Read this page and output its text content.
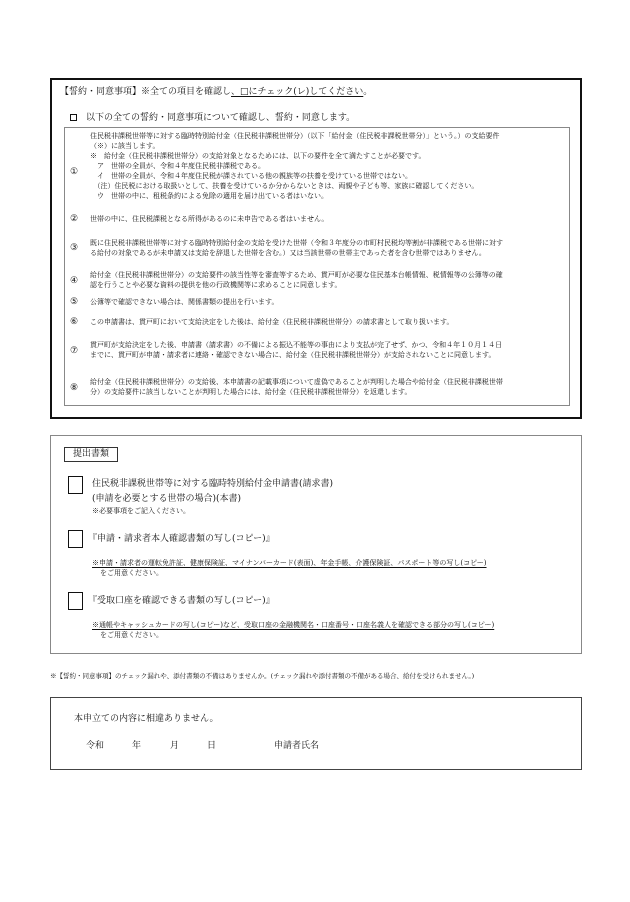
【誓約・同意事項】※全ての項目を確認し、□にチェック(レ)してください。
以下の全ての誓約・同意事項について確認し、誓約・同意します。
①
住民税非課税世帯等に対する臨時特別給付金（住民税非課税世帯分）（以下「給付金（住民税非課税世帯分）」という。）の支給要件
（※）に該当します。
※　給付金（住民税非課税世帯分）の支給対象となるためには、以下の要件を全て満たすことが必要です。
　ア　世帯の全員が、令和４年度住民税非課税である。
　イ　世帯の全員が、令和４年度住民税が課されている他の親族等の扶養を受けている世帯ではない。
　（注）住民税における取扱いとして、扶養を受けているか分からないときは、両親や子ども等、家族に確認してください。
　ウ　世帯の中に、租税条約による免除の適用を届け出ている者はいない。
② 世帯の中に、住民税課税となる所得があるのに未申告である者はいません。
③ 既に住民税非課税世帯等に対する臨時特別給付金の支給を受けた世帯（令和３年度分の市町村民税均等割が非課税である世帯に対す
る給付の対象であるが未申請又は支給を辞退した世帯を含む。）又は当該世帯の世帯主であった者を含む世帯ではありません。
④
給付金（住民税非課税世帯分）の支給要件の該当性等を審査等するため、貫戸町が必要な住民基本台帳情報、税情報等の公簿等の確
認を行うことや必要な資料の提供を他の行政機関等に求めることに同意します。
⑤ 公簿等で確認できない場合は、関係書類の提出を行います。
⑥ この申請書は、貫戸町において支給決定をした後は、給付金（住民税非課税世帯分）の請求書として取り扱います。
⑦
貫戸町が支給決定をした後、申請書（請求書）の不備による振込不能等の事由により支払が完了せず、かつ、令和４年１０月１４日
までに、貫戸町が申請・請求者に連絡・確認できない場合に、給付金（住民税非課税世帯分）が支給されないことに同意します。
⑧
給付金（住民税非課税世帯分）の支給後、本申請書の記載事項について虚偽であることが判明した場合や給付金（住民税非課税世帯
分）の支給要件に該当しないことが判明した場合には、給付金（住民税非課税世帯分）を返還します。
提出書類
住民税非課税世帯等に対する臨時特別給付金申請書(請求書)
(申請を必要とする世帯の場合)(本書)
※必要事項をご記入ください。
『申請・請求者本人確認書類の写し(コピー)』
※申請・請求者の運転免許証、健康保険証、マイナンバーカード(表面)、年金手帳、介護保険証、パスポート等の写し(コピー)
をご用意ください。
『受取口座を確認できる書類の写し(コピー)』
※通帳やキャッシュカードの写し(コピー)など、受取口座の金融機関名・口座番号・口座名義人を確認できる部分の写し(コピー)
をご用意ください。
※【誓約・同意事項】のチェック漏れや、添付書類の不備はありませんか。(チェック漏れや添付書類の不備がある場合、給付を受けられません。)
本申立ての内容に相違ありません。
令和	年	月	日	申請者氏名
